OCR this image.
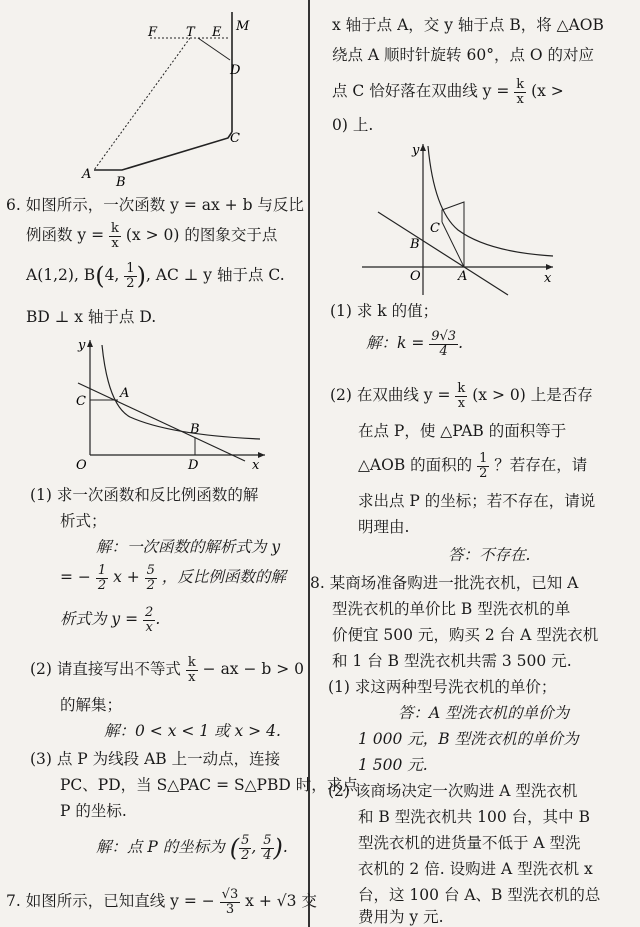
F T E M
D
C
A
B
6. 如图所示，一次函数 y = ax + b 与反比
例函数 $y = \frac{k}{x} (x > 0)$ 的图象交于点
A(1,2), B(4, $\frac{1}{2}$ ), AC ⊥ y 轴于点 C.
BD ⊥ x 轴于点 D.
y
C
A
B
O	D	x
(1) 求一次函数和反比例函数的解
析式；
解：一次函数的解析式为 y
= − $\frac{1}{2}$ $x + \frac{5}{2}$ ，反比例函数的解
析式为 $y = \frac{2}{x}$ .
(2) 请直接写出不等式 $\frac{k}{x}$ − ax − b > 0
的解集；
解：0 < x < 1 或 x > 4.
(3) 点 P 为线段 AB 上一动点，连接
PC、PD，当 S△PAC = S△PBD 时，求点
P 的坐标.
解：点 P 的坐标为 ( $\frac{5}{2}$ , $\frac{5}{4}$ ).
7. 如图所示，已知直线 y = − $\frac{√3}{3}$ x + √3 交
x 轴于点 A，交 y 轴于点 B，将 △AOB
绕点 A 顺时针旋转 60°，点 O 的对应
点 C 恰好落在双曲线 $y = \frac{k}{x} (x$ >
0) 上.
y
C
B
O	A	x
(1) 求 k 的值；
解：$k = \frac{9√3}{4}$ .
(2) 在双曲线 $y = \frac{k}{x} (x > 0)$ 上是否存
在点 P，使 △PAB 的面积等于
△AOB 的面积的 $\frac{1}{2}$ ？若存在，请
求出点 P 的坐标；若不存在，请说
明理由.
答：不存在.
8. 某商场准备购进一批洗衣机，已知 A
型洗衣机的单价比 B 型洗衣机的单
价便宜 500 元，购买 2 台 A 型洗衣机
和 1 台 B 型洗衣机共需 3 500 元.
(1) 求这两种型号洗衣机的单价；
答：A 型洗衣机的单价为
1 000 元，B 型洗衣机的单价为
1 500 元.
(2) 该商场决定一次购进 A 型洗衣机
和 B 型洗衣机共 100 台，其中 B
型洗衣机的进货量不低于 A 型洗
衣机的 2 倍. 设购进 A 型洗衣机 x
台，这 100 台 A、B 型洗衣机的总
费用为 y 元.
